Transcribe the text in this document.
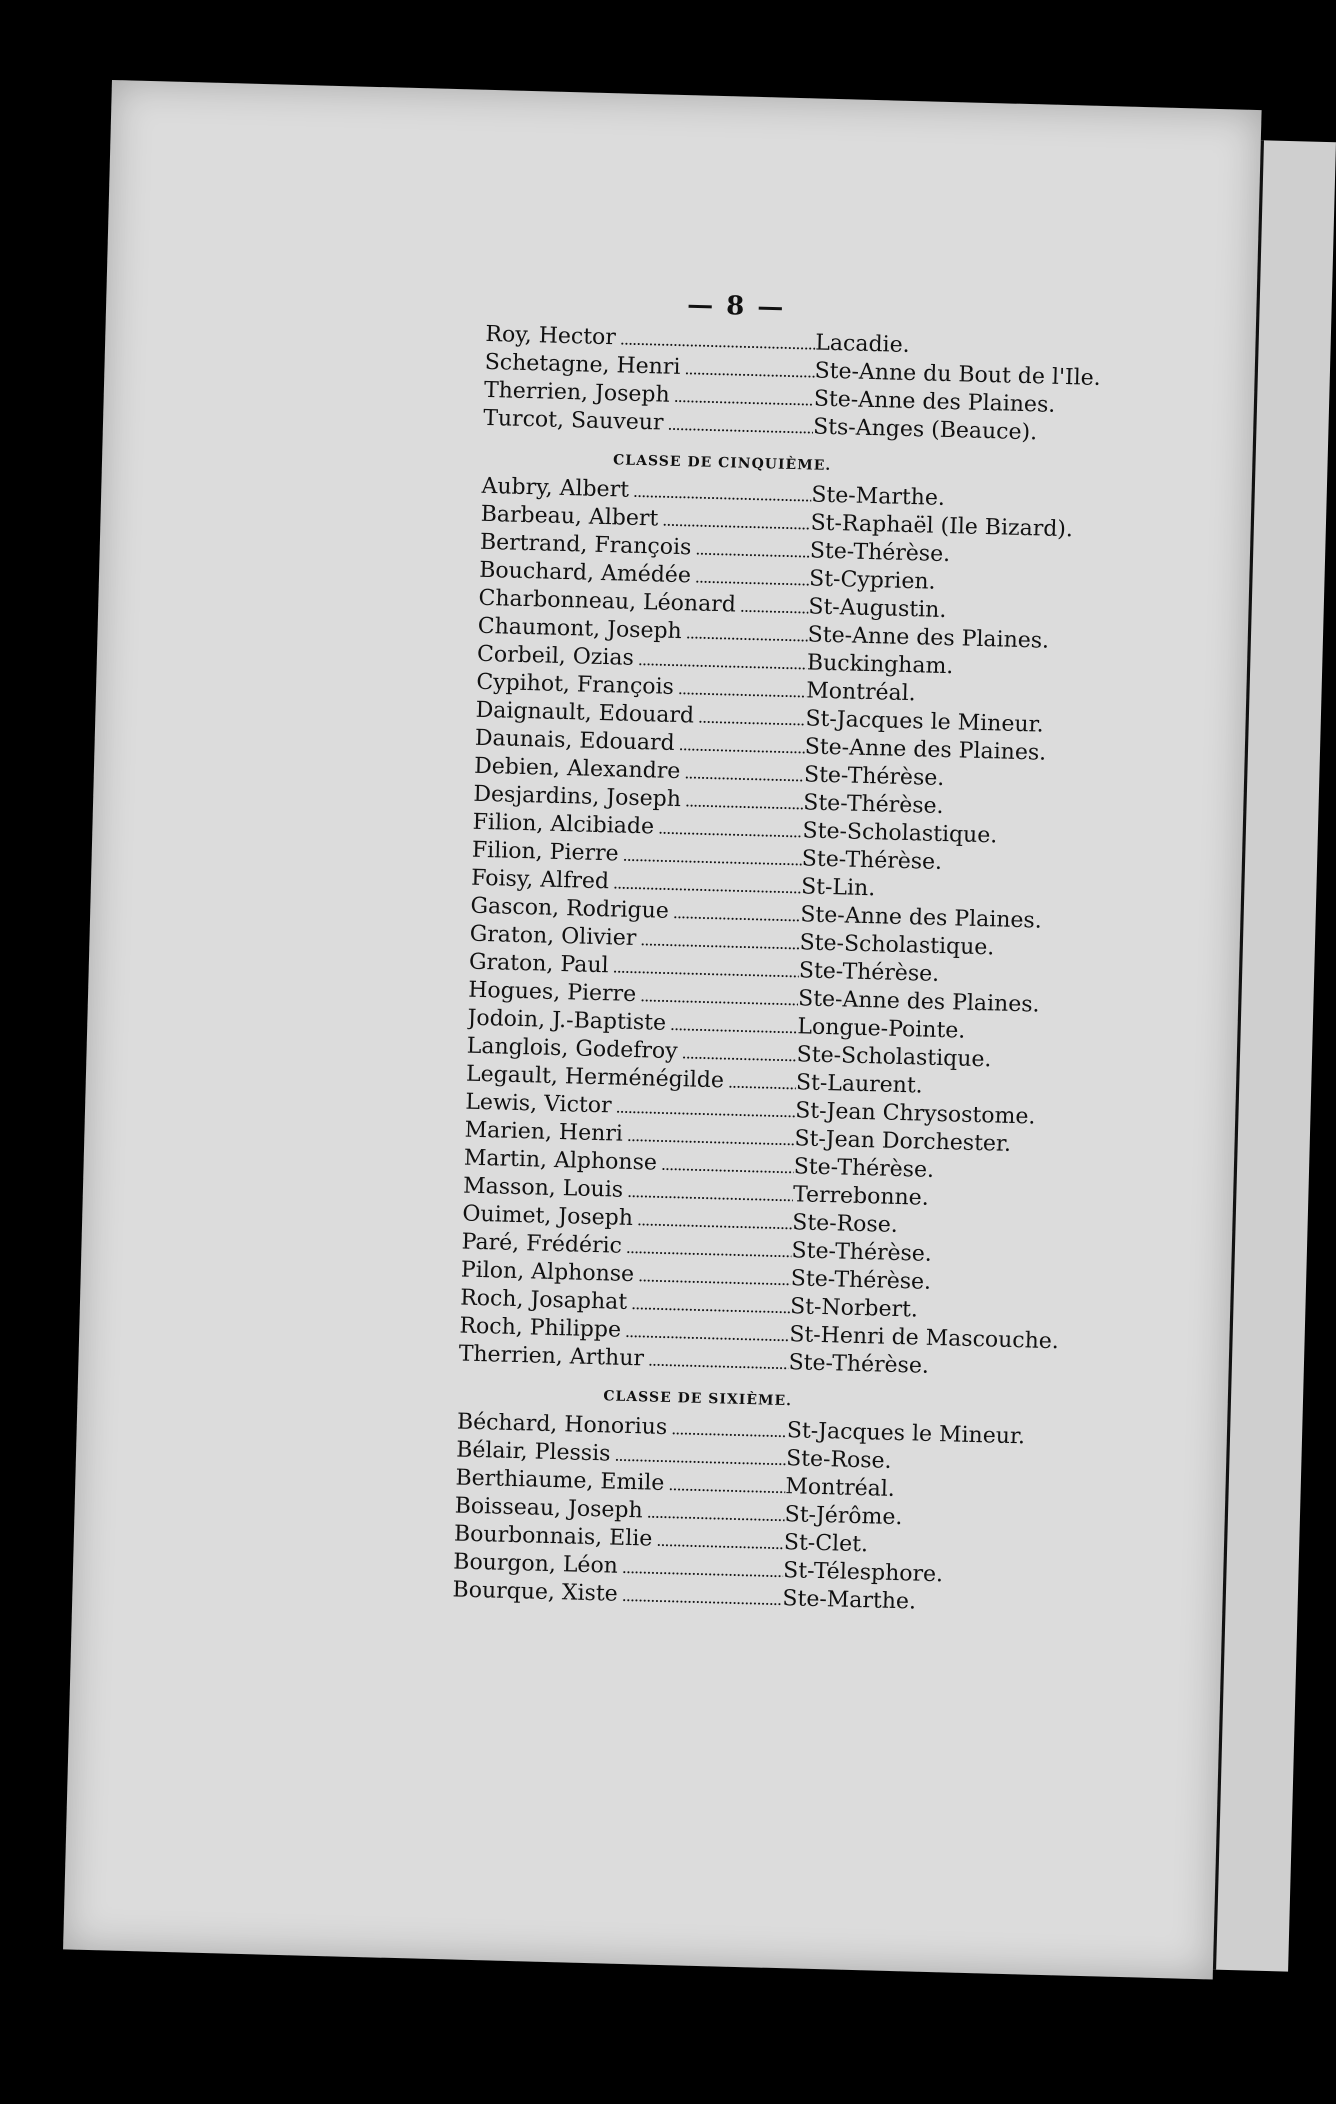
— 8 —
Roy, Hector .....	Lacadie.
Schetagne, Henri .....	Ste-Anne du Bout de l'Ile.
Therrien, Joseph .....	Ste-Anne des Plaines.
Turcot, Sauveur .....	Sts-Anges (Beauce).
CLASSE DE CINQUIÈME.
Aubry, Albert .....	Ste-Marthe.
Barbeau, Albert .....	St-Raphaël (Ile Bizard).
Bertrand, François .....	Ste-Thérèse.
Bouchard, Amédée .....	St-Cyprien.
Charbonneau, Léonard .....	St-Augustin.
Chaumont, Joseph .....	Ste-Anne des Plaines.
Corbeil, Ozias .....	Buckingham.
Cypihot, François .....	Montréal.
Daignault, Edouard .....	St-Jacques le Mineur.
Daunais, Edouard .....	Ste-Anne des Plaines.
Debien, Alexandre .....	Ste-Thérèse.
Desjardins, Joseph .....	Ste-Thérèse.
Filion, Alcibiade .....	Ste-Scholastique.
Filion, Pierre .....	Ste-Thérèse.
Foisy, Alfred .....	St-Lin.
Gascon, Rodrigue .....	Ste-Anne des Plaines.
Graton, Olivier .....	Ste-Scholastique.
Graton, Paul .....	Ste-Thérèse.
Hogues, Pierre .....	Ste-Anne des Plaines.
Jodoin, J.-Baptiste .....	Longue-Pointe.
Langlois, Godefroy .....	Ste-Scholastique.
Legault, Herménégilde .....	St-Laurent.
Lewis, Victor .....	St-Jean Chrysostome.
Marien, Henri .....	St-Jean Dorchester.
Martin, Alphonse .....	Ste-Thérèse.
Masson, Louis .....	Terrebonne.
Ouimet, Joseph .....	Ste-Rose.
Paré, Frédéric .....	Ste-Thérèse.
Pilon, Alphonse .....	Ste-Thérèse.
Roch, Josaphat .....	St-Norbert.
Roch, Philippe .....	St-Henri de Mascouche.
Therrien, Arthur .....	Ste-Thérèse.
CLASSE DE SIXIÈME.
Béchard, Honorius .....	St-Jacques le Mineur.
Bélair, Plessis .....	Ste-Rose.
Berthiaume, Emile .....	Montréal.
Boisseau, Joseph .....	St-Jérôme.
Bourbonnais, Elie .....	St-Clet.
Bourgon, Léon .....	St-Télesphore.
Bourque, Xiste .....	Ste-Marthe.
